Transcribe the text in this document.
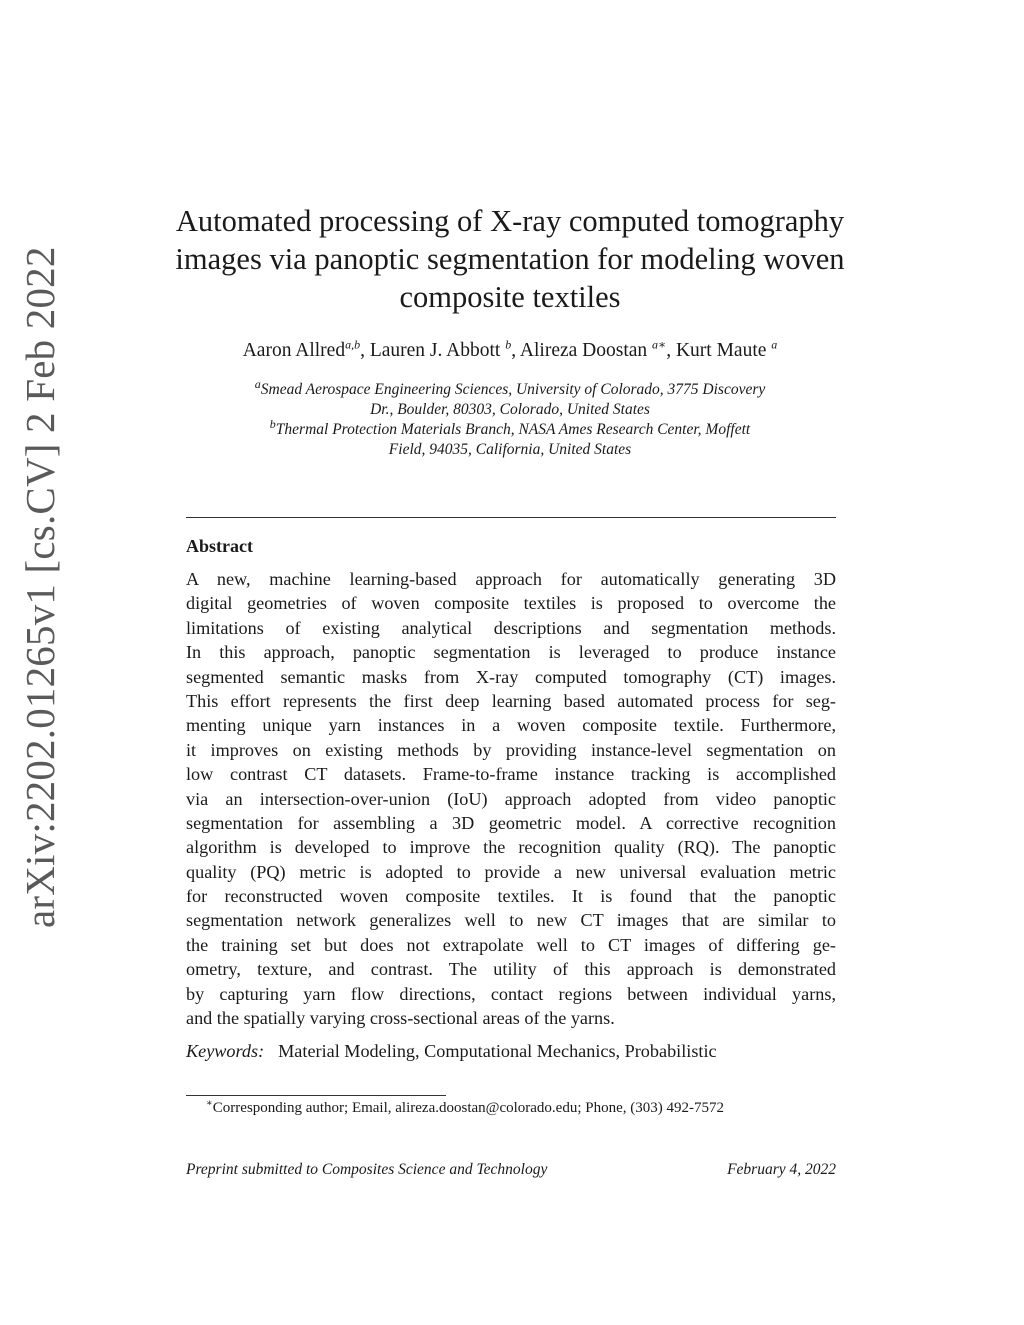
arXiv:2202.01265v1 [cs.CV] 2 Feb 2022
Automated processing of X-ray computed tomography
images via panoptic segmentation for modeling woven
composite textiles
Aaron Allred$^{a,b}$, Lauren J. Abbott $^b$, Alireza Doostan $^{a∗}$, Kurt Maute $^a$
$^a$Smead Aerospace Engineering Sciences, University of Colorado, 3775 Discovery
Dr., Boulder, 80303, Colorado, United States
$^b$Thermal Protection Materials Branch, NASA Ames Research Center, Moffett
Field, 94035, California, United States
Abstract
A new, machine learning-based approach for automatically generating 3D
digital geometries of woven composite textiles is proposed to overcome the
limitations of existing analytical descriptions and segmentation methods.
In this approach, panoptic segmentation is leveraged to produce instance
segmented semantic masks from X-ray computed tomography (CT) images.
This effort represents the first deep learning based automated process for seg-
menting unique yarn instances in a woven composite textile. Furthermore,
it improves on existing methods by providing instance-level segmentation on
low contrast CT datasets. Frame-to-frame instance tracking is accomplished
via an intersection-over-union (IoU) approach adopted from video panoptic
segmentation for assembling a 3D geometric model. A corrective recognition
algorithm is developed to improve the recognition quality (RQ). The panoptic
quality (PQ) metric is adopted to provide a new universal evaluation metric
for reconstructed woven composite textiles. It is found that the panoptic
segmentation network generalizes well to new CT images that are similar to
the training set but does not extrapolate well to CT images of differing ge-
ometry, texture, and contrast. The utility of this approach is demonstrated
by capturing yarn flow directions, contact regions between individual yarns,
and the spatially varying cross-sectional areas of the yarns.
Keywords: Material Modeling, Computational Mechanics, Probabilistic
∗Corresponding author; Email, alireza.doostan@colorado.edu; Phone, (303) 492-7572
Preprint submitted to Composites Science and Technology	February 4, 2022
